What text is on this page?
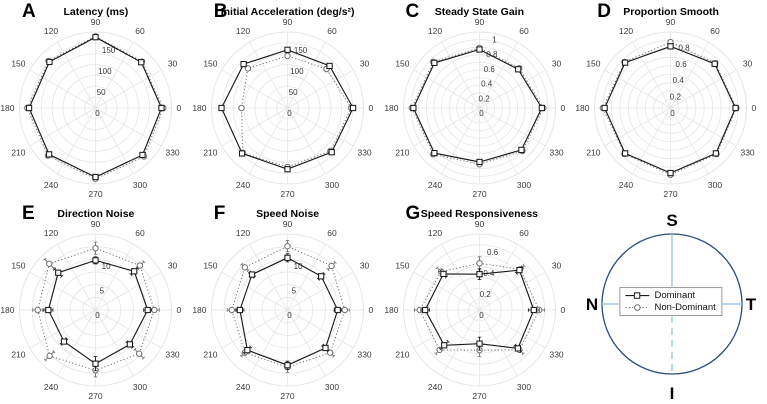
A	Latency (ms)
0
50
100
150
0
30
60
90
120
150
180
210
240
270
300
330
B
Initial Acceleration (deg/s²)
0
50
100
150
0
30
60
90
120
150
180
210
240
270
300
330
C	Steady State Gain
0
0.2
0.4
0.6
0.8
1
0
30
60
90
120
150
180
210
240
270
300
330
D	Proportion Smooth
0
0.2
0.4
0.6
0.8
0
30
60
90
120
150
180
210
240
270
300
330
E	Direction Noise
0
5
10
0
30
60
90
120
150
180
210
240
270
300
330
F	Speed Noise
0
5
10
0
30
60
90
120
150
180
210
240
270
300
330
G Speed Responsiveness
0
0.2
0.4
0.6
0
30
60
90
120
150
180
210
240
270
300
330
S
T
I
N	Dominant
Non-Dominant
